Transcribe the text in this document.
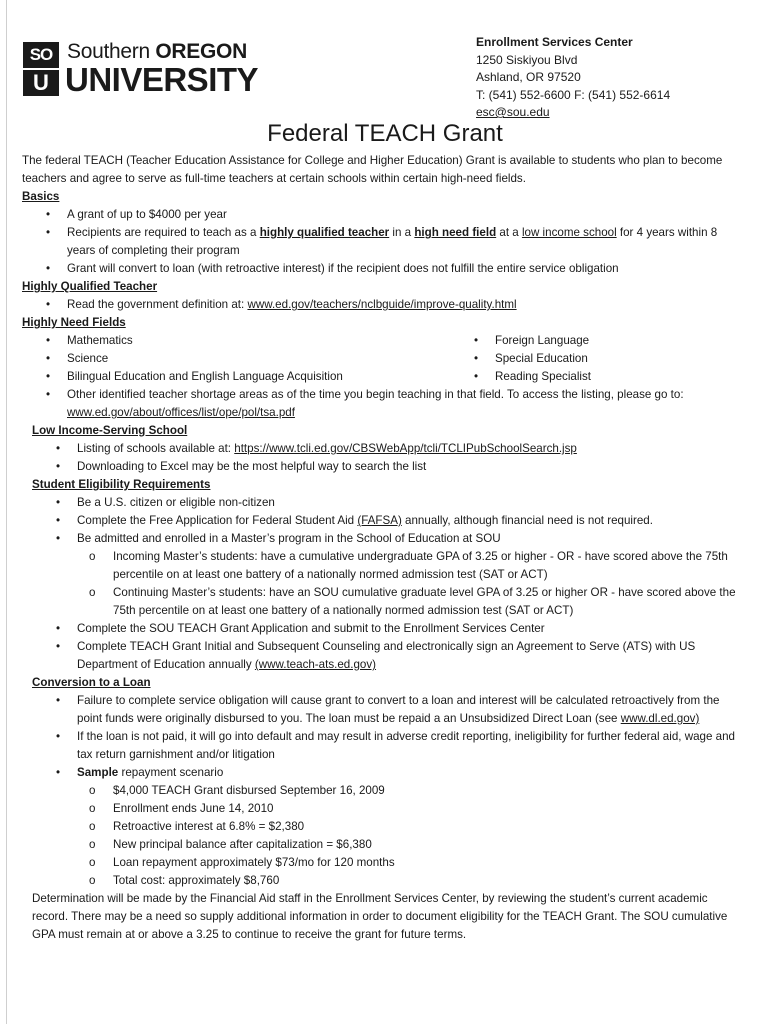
SO
U
Southern OREGON
UNIVERSITY
Enrollment Services Center
1250 Siskiyou Blvd
Ashland, OR 97520
T: (541) 552-6600 F: (541) 552-6614
esc@sou.edu
Federal TEACH Grant

The federal TEACH (Teacher Education Assistance for College and Higher Education) Grant is available to students who plan to become teachers and agree to serve as full-time teachers at certain schools within certain high-need fields.

Basics

• A grant of up to $4000 per year
• Recipients are required to teach as a highly qualified teacher in a high need field at a low income school for 4 years within 8 years of completing their program
• Grant will convert to loan (with retroactive interest) if the recipient does not fulfill the entire service obligation

Highly Qualified Teacher

• Read the government definition at: www.ed.gov/teachers/nclbguide/improve-quality.html

Highly Need Fields

• Mathematics
• Science
• Bilingual Education and English Language Acquisition
• Foreign Language
• Special Education
• Reading Specialist
• Other identified teacher shortage areas as of the time you begin teaching in that field. To access the listing, please go to: www.ed.gov/about/offices/list/ope/pol/tsa.pdf

Low Income-Serving School

• Listing of schools available at: https://www.tcli.ed.gov/CBSWebApp/tcli/TCLIPubSchoolSearch.jsp
• Downloading to Excel may be the most helpful way to search the list

Student Eligibility Requirements

• Be a U.S. citizen or eligible non-citizen
• Complete the Free Application for Federal Student Aid (FAFSA) annually, although financial need is not required.
• Be admitted and enrolled in a Master’s program in the School of Education at SOU
o Incoming Master’s students: have a cumulative undergraduate GPA of 3.25 or higher - OR - have scored above the 75th percentile on at least one battery of a nationally normed admission test (SAT or ACT)
o Continuing Master’s students: have an SOU cumulative graduate level GPA of 3.25 or higher OR - have scored above the 75th percentile on at least one battery of a nationally normed admission test (SAT or ACT)
• Complete the SOU TEACH Grant Application and submit to the Enrollment Services Center
• Complete TEACH Grant Initial and Subsequent Counseling and electronically sign an Agreement to Serve (ATS) with US Department of Education annually (www.teach-ats.ed.gov)

Conversion to a Loan

• Failure to complete service obligation will cause grant to convert to a loan and interest will be calculated retroactively from the point funds were originally disbursed to you. The loan must be repaid a an Unsubsidized Direct Loan (see www.dl.ed.gov)
• If the loan is not paid, it will go into default and may result in adverse credit reporting, ineligibility for further federal aid, wage and tax return garnishment and/or litigation
• Sample repayment scenario
o $4,000 TEACH Grant disbursed September 16, 2009
o Enrollment ends June 14, 2010
o Retroactive interest at 6.8% = $2,380
o New principal balance after capitalization = $6,380
o Loan repayment approximately $73/mo for 120 months
o Total cost: approximately $8,760

Determination will be made by the Financial Aid staff in the Enrollment Services Center, by reviewing the student’s current academic record. There may be a need so supply additional information in order to document eligibility for the TEACH Grant. The SOU cumulative GPA must remain at or above a 3.25 to continue to receive the grant for future terms.
